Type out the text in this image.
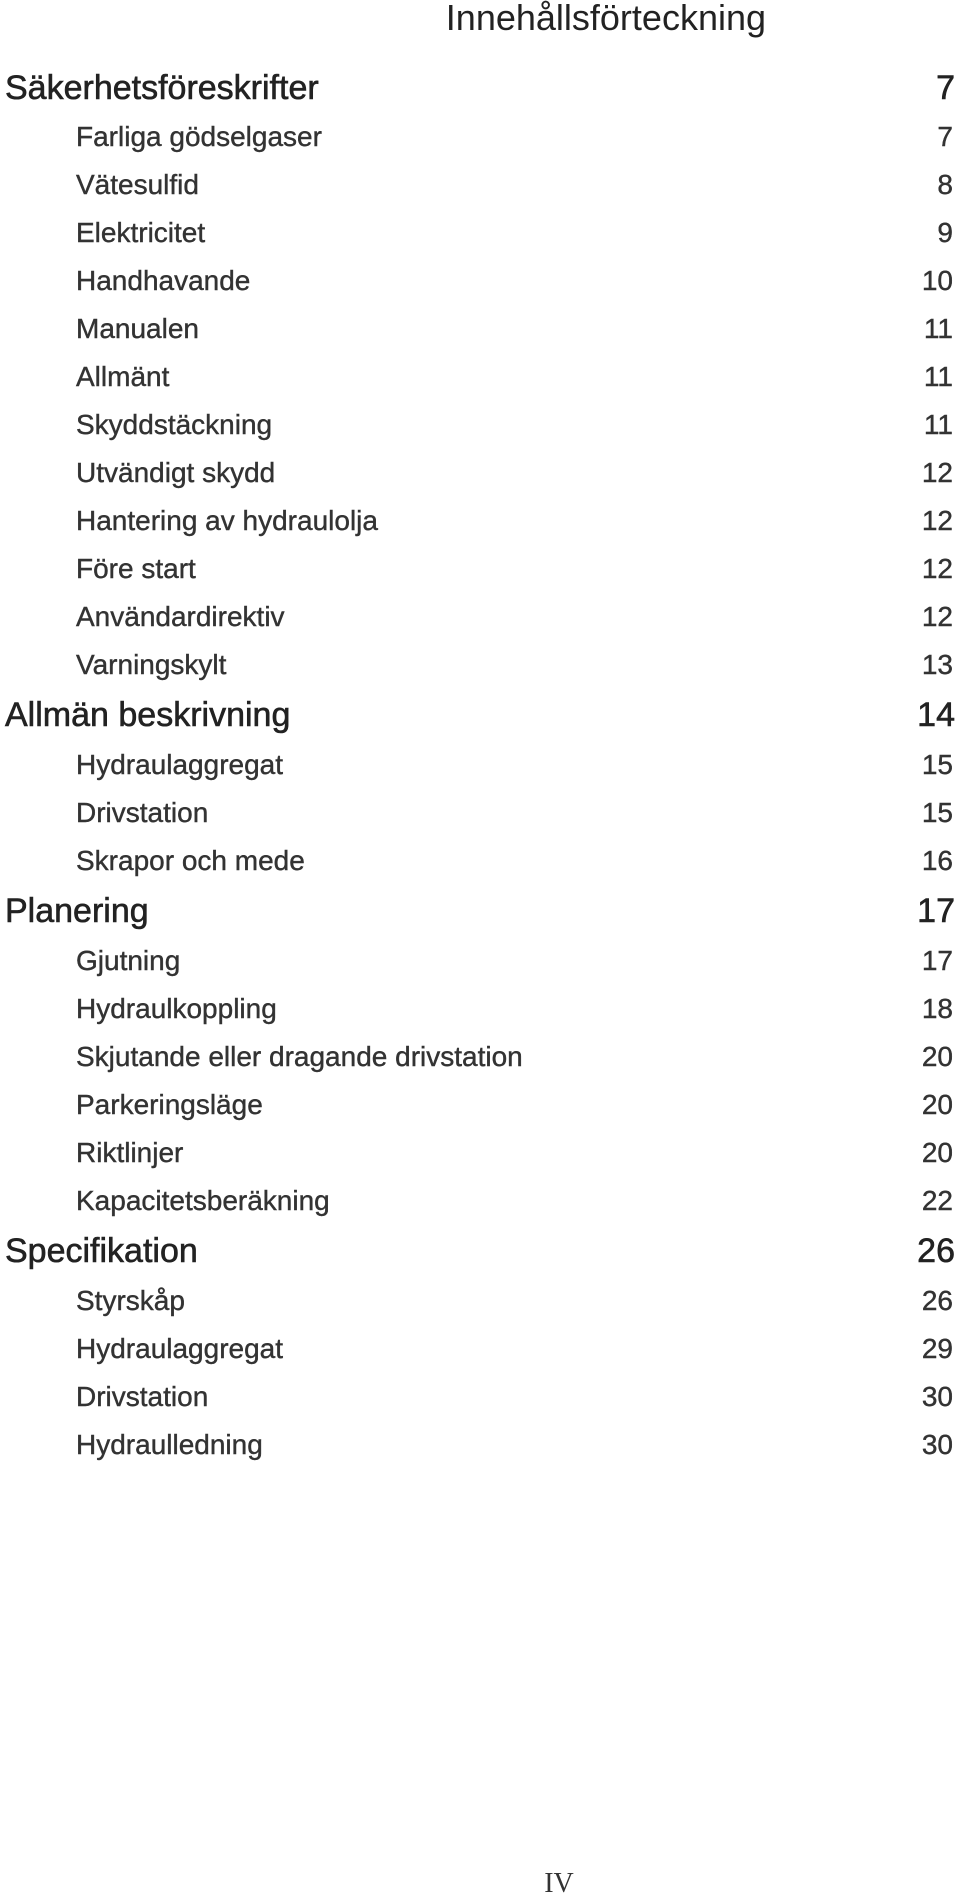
Innehållsförteckning
Säkerhetsföreskrifter	7
Farliga gödselgaser	7
Vätesulfid	8
Elektricitet	9
Handhavande	10
Manualen	11
Allmänt	11
Skyddstäckning	11
Utvändigt skydd	12
Hantering av hydraulolja	12
Före start	12
Användardirektiv	12
Varningskylt	13
Allmän beskrivning	14
Hydraulaggregat	15
Drivstation	15
Skrapor och mede	16
Planering	17
Gjutning	17
Hydraulkoppling	18
Skjutande eller dragande drivstation	20
Parkeringsläge	20
Riktlinjer	20
Kapacitetsberäkning	22
Specifikation	26
Styrskåp	26
Hydraulaggregat	29
Drivstation	30
Hydraulledning	30
IV
